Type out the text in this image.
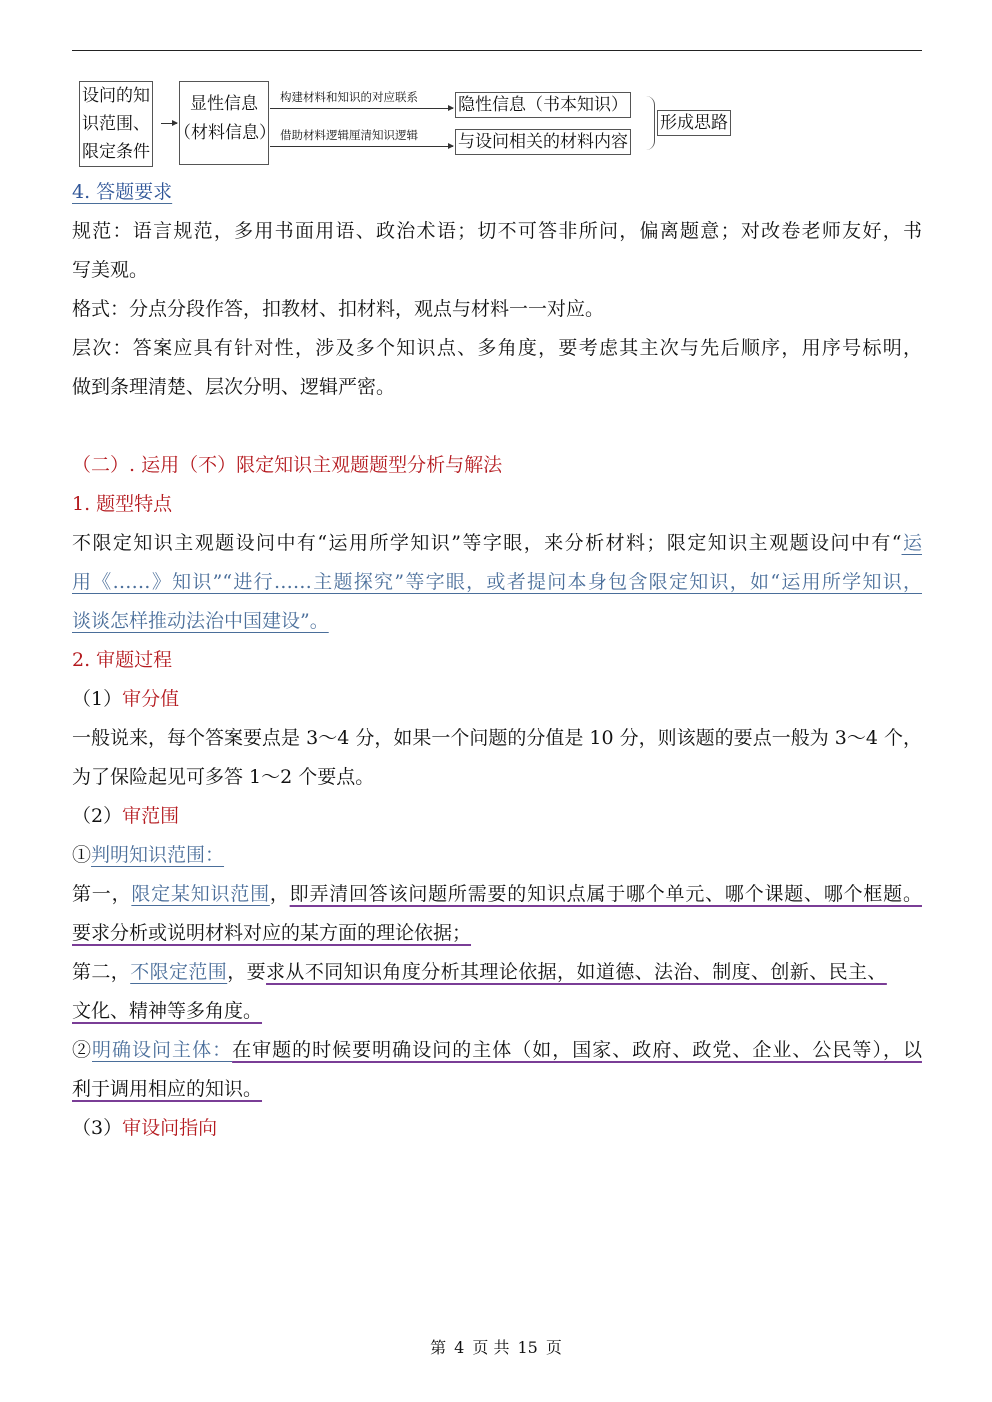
设问的知
识范围、
限定条件
显性信息
（材料信息）
构建材料和知识的对应联系
借助材料逻辑厘清知识逻辑
隐性信息（书本知识）
与设问相关的材料内容
形成思路
4. 答题要求
规范：语言规范，多用书面用语、政治术语；切不可答非所问，偏离题意；对改卷老师友好，书
写美观。
格式：分点分段作答，扣教材、扣材料，观点与材料一一对应。
层次：答案应具有针对性，涉及多个知识点、多角度，要考虑其主次与先后顺序，用序号标明，
做到条理清楚、层次分明、逻辑严密。
（二）. 运用（不）限定知识主观题题型分析与解法
1. 题型特点
不限定知识主观题设问中有“运用所学知识”等字眼，来分析材料；限定知识主观题设问中有“运
用《……》知识”“进行……主题探究”等字眼，或者提问本身包含限定知识，如“运用所学知识，
谈谈怎样推动法治中国建设”。
2. 审题过程
（1）审分值
一般说来，每个答案要点是 3～4 分，如果一个问题的分值是 10 分，则该题的要点一般为 3～4 个，
为了保险起见可多答 1～2 个要点。
（2）审范围
①判明知识范围：
第一，限定某知识范围，即弄清回答该问题所需要的知识点属于哪个单元、哪个课题、哪个框题。
要求分析或说明材料对应的某方面的理论依据；
第二，不限定范围，要求从不同知识角度分析其理论依据，如道德、法治、制度、创新、民主、
文化、精神等多角度。
②明确设问主体：在审题的时候要明确设问的主体（如，国家、政府、政党、企业、公民等），以
利于调用相应的知识。
（3）审设问指向
第 4 页 共 15 页
